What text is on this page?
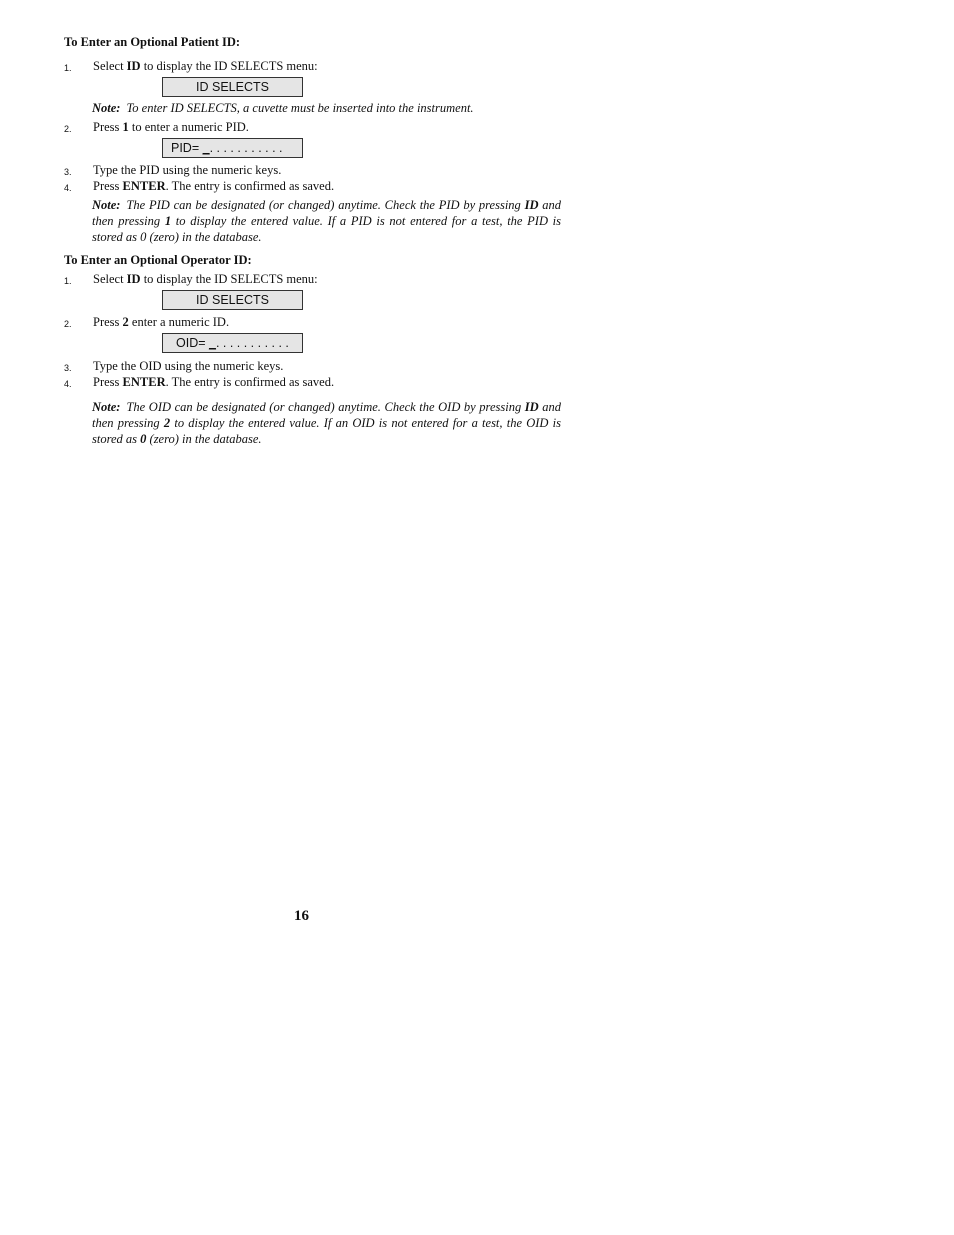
To Enter an Optional Patient ID:
1. Select ID to display the ID SELECTS menu:
ID SELECTS
Note: To enter ID SELECTS, a cuvette must be inserted into the instrument.
2. Press 1 to enter a numeric PID.
PID= _. . . . . . . . . . .
3. Type the PID using the numeric keys.
4. Press ENTER. The entry is confirmed as saved.
Note: The PID can be designated (or changed) anytime. Check the PID by pressing ID and then pressing 1 to display the entered value. If a PID is not entered for a test, the PID is stored as 0 (zero) in the database.
To Enter an Optional Operator ID:
1. Select ID to display the ID SELECTS menu:
ID SELECTS
2. Press 2 enter a numeric ID.
OID= _. . . . . . . . . . .
3. Type the OID using the numeric keys.
4. Press ENTER. The entry is confirmed as saved.
Note: The OID can be designated (or changed) anytime. Check the OID by pressing ID and then pressing 2 to display the entered value. If an OID is not entered for a test, the OID is stored as 0 (zero) in the database.
16
